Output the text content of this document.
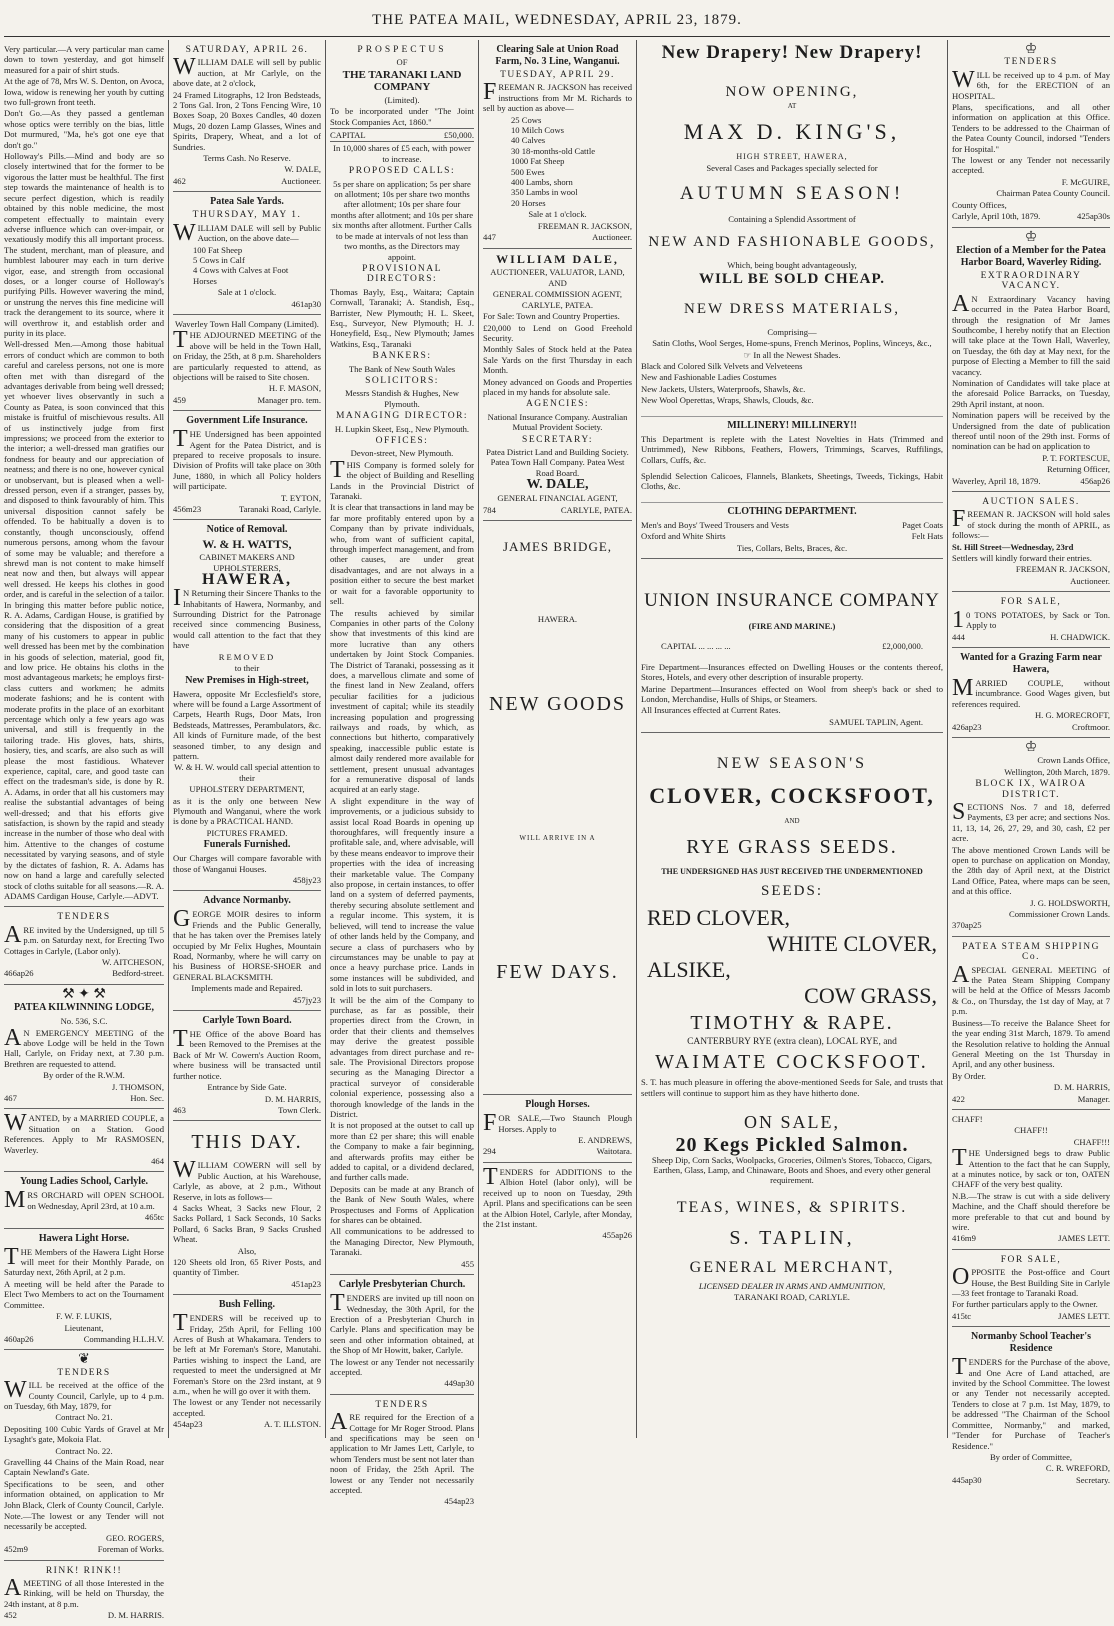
THE PATEA MAIL, WEDNESDAY, APRIL 23, 1879.

Very particular.—A very particular man came down to town yesterday, and got himself measured for a pair of shirt studs.

At the age of 78, Mrs W. S. Denton, on Avoca, Iowa, widow is renewing her youth by cutting two full-grown front teeth.

Don't Go.—As they passed a gentleman whose optics were terribly on the bias, little Dot murmured, "Ma, he's got one eye that don't go."

Holloway's Pills.—Mind and body are so closely intertwined that for the former to be vigorous the latter must be healthful. The first step towards the maintenance of health is to secure perfect digestion, which is readily obtained by this noble medicine, the most competent effectually to maintain every adverse influence which can over-impair, or vexatiously modify this all important process. The student, merchant, man of pleasure, and humblest labourer may each in turn derive vigor, ease, and strength from occasional doses, or a longer course of Holloway's purifying Pills. However wavering the mind, or unstrung the nerves this fine medicine will track the derangement to its source, where it will overthrow it, and establish order and purity in its place.

Well-dressed Men.—Among those habitual errors of conduct which are common to both careful and careless persons, not one is more often met with than disregard of the advantages derivable from being well dressed; yet whoever lives observantly in such a County as Patea, is soon convinced that this mistake is fruitful of mischievous results. All of us instinctively judge from first impressions; we proceed from the exterior to the interior; a well-dressed man gratifies our fondness for beauty and our appreciation of neatness; and there is no one, however cynical or unobservant, but is pleased when a well-dressed person, even if a stranger, passes by, and disposed to think favourably of him. This universal disposition cannot safely be offended. To be habitually a doven is to constantly, though unconsciously, offend numerous persons, among whom the favour of some may be valuable; and therefore a shrewd man is not content to make himself neat now and then, but always will appear well dressed. He keeps his clothes in good order, and is careful in the selection of a tailor. In bringing this matter before public notice, R. A. Adams, Cardigan House, is gratified by considering that the disposition of a great many of his customers to appear in public well dressed has been met by the combination in his goods of selection, material, good fit, and low price. He obtains his cloths in the most advantageous markets; he employs first-class cutters and workmen; he admits moderate fashions; and he is content with moderate profits in the place of an exorbitant percentage which only a few years ago was universal, and still is frequently in the tailoring trade. His gloves, hats, shirts, hosiery, ties, and scarfs, are also such as will please the most fastidious. Whatever experience, capital, care, and good taste can effect on the tradesman's side, is done by R. A. Adams, in order that all his customers may realise the substantial advantages of being well-dressed; and that his efforts give satisfaction, is shown by the rapid and steady increase in the number of those who deal with him. Attentive to the changes of costume necessitated by varying seasons, and of style by the dictates of fashion, R. A. Adams has now on hand a large and carefully selected stock of cloths suitable for all seasons.—R. A. ADAMS Cardigan House, Carlyle.—ADVT.

TENDERS

ARE invited by the Undersigned, up till 5 p.m. on Saturday next, for Erecting Two Cottages in Carlyle, (Labor only).

W. AITCHESON,

466ap26	Bedford-street.
⚒ ✦ ⚒
PATEA KILWINNING LODGE,

No. 536, S.C.

AN EMERGENCY MEETING of the above Lodge will be held in the Town Hall, Carlyle, on Friday next, at 7.30 p.m. Brethren are requested to attend.

By order of the R.W.M.

J. THOMSON,

467	Hon. Sec.

WANTED, by a MARRIED COUPLE, a Situation on a Station. Good References. Apply to Mr RASMOSEN, Waverley.

464

Young Ladies School, Carlyle.

MRS ORCHARD will OPEN SCHOOL on Wednesday, April 23rd, at 10 a.m.

465tc

Hawera Light Horse.

THE Members of the Hawera Light Horse will meet for their Monthly Parade, on Saturday next, 26th April, at 2 p.m.

A meeting will be held after the Parade to Elect Two Members to act on the Tournament Committee.

F. W. F. LUKIS,

Lieutenant,

460ap26	Commanding H.L.H.V.
❦
TENDERS

WILL be received at the office of the County Council, Carlyle, up to 4 p.m. on Tuesday, 6th May, 1879, for

Contract No. 21.

Depositing 100 Cubic Yards of Gravel at Mr Lysaght's gate, Mokoia Flat.

Contract No. 22.

Gravelling 44 Chains of the Main Road, near Captain Newland's Gate.

Specifications to be seen, and other information obtained, on application to Mr John Black, Clerk of County Council, Carlyle.

Note.—The lowest or any Tender will not necessarily be accepted.

GEO. ROGERS,

452m9	Foreman of Works.
RINK! RINK!!

AMEETING of all those Interested in the Rinking, will be held on Thursday, the 24th instant, at 8 p.m.

452	D. M. HARRIS.
SATURDAY, APRIL 26.

WILLIAM DALE will sell by public auction, at Mr Carlyle, on the above date, at 2 o'clock,

24 Framed Litographs, 12 Iron Bedsteads, 2 Tons Gal. Iron, 2 Tons Fencing Wire, 10 Boxes Soap, 20 Boxes Candles, 40 dozen Mugs, 20 dozen Lamp Glasses, Wines and Spirits, Drapery, Wheat, and a lot of Sundries.

Terms Cash. No Reserve.

W. DALE,

462	Auctioneer.
Patea Sale Yards.
THURSDAY, MAY 1.

WILLIAM DALE will sell by Public Auction, on the above date—

100 Fat Sheep

5 Cows in Calf

4 Cows with Calves at Foot

Horses

Sale at 1 o'clock.

461ap30

Waverley Town Hall Company (Limited).

THE ADJOURNED MEETING of the above will be held in the Town Hall, on Friday, the 25th, at 8 p.m. Shareholders are particularly requested to attend, as objections will be raised to Site chosen.

H. F. MASON,

459	Manager pro. tem.
Government Life Insurance.

THE Undersigned has been appointed Agent for the Patea District, and is prepared to receive proposals to insure. Division of Profits will take place on 30th June, 1880, in which all Policy holders will participate.

T. EYTON,

456m23	Taranaki Road, Carlyle.
Notice of Removal.
W. & H. WATTS,

CABINET MAKERS AND UPHOLSTERERS,

HAWERA,

IN Returning their Sincere Thanks to the Inhabitants of Hawera, Normanby, and Surrounding District for the Patronage received since commencing Business, would call attention to the fact that they have

REMOVED

to their

New Premises in High-street,

Hawera, opposite Mr Ecclesfield's store, where will be found a Large Assortment of Carpets, Hearth Rugs, Door Mats, Iron Bedsteads, Mattresses, Perambulators, &c. All kinds of Furniture made, of the best seasoned timber, to any design and pattern.

W. & H. W. would call special attention to their

UPHOLSTERY DEPARTMENT,

as it is the only one between New Plymouth and Wanganui, where the work is done by a PRACTICAL HAND.

PICTURES FRAMED.

Funerals Furnished.

Our Charges will compare favorable with those of Wanganui Houses.

458jy23

Advance Normanby.

GEORGE MOIR desires to inform Friends and the Public Generally, that he has taken over the Premises lately occupied by Mr Felix Hughes, Mountain Road, Normanby, where he will carry on his Business of HORSE-SHOER and GENERAL BLACKSMITH.

Implements made and Repaired.

457jy23

Carlyle Town Board.

THE Office of the above Board has been Removed to the Premises at the Back of Mr W. Cowern's Auction Room, where business will be transacted until further notice.

Entrance by Side Gate.

D. M. HARRIS,

463	Town Clerk.
THIS DAY.

WILLIAM COWERN will sell by Public Auction, at his Warehouse, Carlyle, as above, at 2 p.m., Without Reserve, in lots as follows—

4 Sacks Wheat, 3 Sacks new Flour, 2 Sacks Pollard, 1 Sack Seconds, 10 Sacks Pollard, 6 Sacks Bran, 9 Sacks Crushed Wheat.

Also,

120 Sheets old Iron, 65 River Posts, and quantity of Timber.

451ap23

Bush Felling.

TENDERS will be received up to Friday, 25th April, for Felling 100 Acres of Bush at Whakamara. Tenders to be left at Mr Foreman's Store, Manutahi. Parties wishing to inspect the Land, are requested to meet the undersigned at Mr Foreman's Store on the 23rd instant, at 9 a.m., when he will go over it with them.

The lowest or any Tender not necessarily accepted.

454ap23	A. T. ILLSTON.
PROSPECTUS

OF

THE TARANAKI LAND COMPANY

(Limited).

To be incorporated under "The Joint Stock Companies Act, 1860."

CAPITAL	£50,000.

In 10,000 shares of £5 each, with power to increase.

PROPOSED CALLS:

5s per share on application; 5s per share on allotment; 10s per share two months after allotment; 10s per share four months after allotment; and 10s per share six months after allotment. Further Calls to be made at intervals of not less than two months, as the Directors may appoint.

PROVISIONAL DIRECTORS:

Thomas Bayly, Esq., Waitara; Captain Cornwall, Taranaki; A. Standish, Esq., Barrister, New Plymouth; H. L. Skeet, Esq., Surveyor, New Plymouth; H. J. Honeyfield, Esq., New Plymouth; James Watkins, Esq., Taranaki

BANKERS:

The Bank of New South Wales

SOLICITORS:

Messrs Standish & Hughes, New Plymouth.

MANAGING DIRECTOR:

H. Lupkin Skeet, Esq., New Plymouth.

OFFICES:

Devon-street, New Plymouth.

THIS Company is formed solely for the object of Building and Reselling Lands in the Provincial District of Taranaki.

It is clear that transactions in land may be far more profitably entered upon by a Company than by private individuals, who, from want of sufficient capital, through imperfect management, and from other causes, are under great disadvantages, and are not always in a position either to secure the best market or wait for a favorable opportunity to sell.

The results achieved by similar Companies in other parts of the Colony show that investments of this kind are more lucrative than any others undertaken by Joint Stock Companies. The District of Taranaki, possessing as it does, a marvellous climate and some of the finest land in New Zealand, offers peculiar facilities for a judicious investment of capital; while its steadily increasing population and progressing railways and roads, by which, as connections but hitherto, comparatively speaking, inaccessible public estate is almost daily rendered more available for settlement, present unusual advantages for a remunerative disposal of lands acquired at an early stage.

A slight expenditure in the way of improvements, or a judicious subsidy to assist local Road Boards in opening up thoroughfares, will frequently insure a profitable sale, and, where advisable, will by these means endeavor to improve their properties with the idea of increasing their marketable value. The Company also propose, in certain instances, to offer land on a system of deferred payments, thereby securing absolute settlement and a regular income. This system, it is believed, will tend to increase the value of other lands held by the Company, and secure a class of purchasers who by circumstances may be unable to pay at once a heavy purchase price. Lands in some instances will be subdivided, and sold in lots to suit purchasers.

It will be the aim of the Company to purchase, as far as possible, their properties direct from the Crown, in order that their clients and themselves may derive the greatest possible advantages from direct purchase and re-sale. The Provisional Directors propose securing as the Managing Director a practical surveyor of considerable colonial experience, possessing also a thorough knowledge of the lands in the District.

It is not proposed at the outset to call up more than £2 per share; this will enable the Company to make a fair beginning, and afterwards profits may either be added to capital, or a dividend declared, and further calls made.

Deposits can be made at any Branch of the Bank of New South Wales, where Prospectuses and Forms of Application for shares can be obtained.

All communications to be addressed to the Managing Director, New Plymouth, Taranaki.

455

Carlyle Presbyterian Church.

TENDERS are invited up till noon on Wednesday, the 30th April, for the Erection of a Presbyterian Church in Carlyle. Plans and specification may be seen and other information obtained, at the Shop of Mr Howitt, baker, Carlyle.

The lowest or any Tender not necessarily accepted.

449ap30

TENDERS

ARE required for the Erection of a Cottage for Mr Roger Strood. Plans and specifications may be seen on application to Mr James Lett, Carlyle, to whom Tenders must be sent not later than noon of Friday, the 25th April. The lowest or any Tender not necessarily accepted.

454ap23

Clearing Sale at Union Road Farm, No. 3 Line, Wanganui.
TUESDAY, APRIL 29.

FREEMAN R. JACKSON has received instructions from Mr M. Richards to sell by auction as above—

25 Cows

10 Milch Cows

40 Calves

30 18-months-old Cattle

1000 Fat Sheep

500 Ewes

400 Lambs, shorn

350 Lambs in wool

20 Horses

Sale at 1 o'clock.

FREEMAN R. JACKSON,

447	Auctioneer.
WILLIAM DALE,

AUCTIONEER, VALUATOR, LAND,

AND

GENERAL COMMISSION AGENT, CARLYLE, PATEA.

For Sale: Town and Country Properties.

£20,000 to Lend on Good Freehold Security.

Monthly Sales of Stock held at the Patea Sale Yards on the first Thursday in each Month.

Money advanced on Goods and Properties placed in my hands for absolute sale.

AGENCIES:

National Insurance Company. Australian Mutual Provident Society.

SECRETARY:

Patea District Land and Building Society. Patea Town Hall Company. Patea West Road Board.

W. DALE,

GENERAL FINANCIAL AGENT,

784	CARLYLE, PATEA.
JAMES BRIDGE,

HAWERA.

NEW GOODS

WILL ARRIVE IN A

FEW DAYS.
Plough Horses.

FOR SALE,—Two Staunch Plough Horses. Apply to

E. ANDREWS,

294	Waitotara.

TENDERS for ADDITIONS to the Albion Hotel (labor only), will be received up to noon on Tuesday, 29th April. Plans and specifications can be seen at the Albion Hotel, Carlyle, after Monday, the 21st instant.

455ap26

New Drapery! New Drapery!
NOW OPENING,

AT

MAX D. KING'S,

HIGH STREET, HAWERA,

Several Cases and Packages specially selected for

AUTUMN SEASON!

Containing a Splendid Assortment of

NEW AND FASHIONABLE GOODS,

Which, being bought advantageously,

WILL BE SOLD CHEAP.
NEW DRESS MATERIALS,

Comprising—

Satin Cloths, Wool Serges, Home-spuns, French Merinos, Poplins, Winceys, &c.,

☞ In all the Newest Shades.

Black and Colored Silk Velvets and Velveteens

New and Fashionable Ladies Costumes

New Jackets, Ulsters, Waterproofs, Shawls, &c.

New Wool Operettas, Wraps, Shawls, Clouds, &c.

MILLINERY! MILLINERY!!

This Department is replete with the Latest Novelties in Hats (Trimmed and Untrimmed), New Ribbons, Feathers, Flowers, Trimmings, Scarves, Ruffilings, Collars, Cuffs, &c.

Splendid Selection Calicoes, Flannels, Blankets, Sheetings, Tweeds, Tickings, Habit Cloths, &c.

CLOTHING DEPARTMENT.
Men's and Boys' Tweed Trousers and Vests	Paget Coats
Oxford and White Shirts	Felt Hats

Ties, Collars, Belts, Braces, &c.

UNION INSURANCE COMPANY

(FIRE AND MARINE.)

CAPITAL ... ... ... ...	£2,000,000.

Fire Department—Insurances effected on Dwelling Houses or the contents thereof, Stores, Hotels, and every other description of insurable property.

Marine Department—Insurances effected on Wool from sheep's back or shed to London, Merchandise, Hulls of Ships, or Steamers.

All Insurances effected at Current Rates.

SAMUEL TAPLIN, Agent.

NEW SEASON'S
CLOVER, COCKSFOOT,

AND

RYE GRASS SEEDS.

THE UNDERSIGNED HAS JUST RECEIVED THE UNDERMENTIONED

SEEDS:
RED CLOVER,
WHITE CLOVER,
ALSIKE,
COW GRASS,
TIMOTHY & RAPE.

CANTERBURY RYE (extra clean), LOCAL RYE, and

WAIMATE COCKSFOOT.

S. T. has much pleasure in offering the above-mentioned Seeds for Sale, and trusts that settlers will continue to support him as they have hitherto done.

ON SALE,
20 Kegs Pickled Salmon.

Sheep Dip, Corn Sacks, Woolpacks, Groceries, Oilmen's Stores, Tobacco, Cigars, Earthen, Glass, Lamp, and Chinaware, Boots and Shoes, and every other general requirement.

TEAS, WINES, & SPIRITS.
S. TAPLIN,
GENERAL MERCHANT,

LICENSED DEALER IN ARMS AND AMMUNITION,

TARANAKI ROAD, CARLYLE.

♔
TENDERS

WILL be received up to 4 p.m. of May 6th, for the ERECTION of an HOSPITAL.

Plans, specifications, and all other information on application at this Office. Tenders to be addressed to the Chairman of the Patea County Council, indorsed "Tenders for Hospital."

The lowest or any Tender not necessarily accepted.

F. McGUIRE,

Chairman Patea County Council.

County Offices,

Carlyle, April 10th, 1879.	425ap30s
♔
Election of a Member for the Patea Harbor Board, Waverley Riding.
EXTRAORDINARY VACANCY.

AN Extraordinary Vacancy having occurred in the Patea Harbor Board, through the resignation of Mr James Southcombe, I hereby notify that an Election will take place at the Town Hall, Waverley, on Tuesday, the 6th day at May next, for the purpose of Electing a Member to fill the said vacancy.

Nomination of Candidates will take place at the aforesaid Police Barracks, on Tuesday, 29th April instant, at noon.

Nomination papers will be received by the Undersigned from the date of publication thereof until noon of the 29th inst. Forms of nomination can be had on application to

P. T. FORTESCUE,

Returning Officer,

Waverley, April 18, 1879.	456ap26
AUCTION SALES.

FREEMAN R. JACKSON will hold sales of stock during the month of APRIL, as follows:—

St. Hill Street—Wednesday, 23rd

Settlers will kindly forward their entries.

FREEMAN R. JACKSON,

Auctioneer.

FOR SALE,

10 TONS POTATOES, by Sack or Ton. Apply to

444	H. CHADWICK.
Wanted for a Grazing Farm near Hawera,

MARRIED COUPLE, without incumbrance. Good Wages given, but references required.

H. G. MORECROFT,

426ap23	Croftmoor.
♔

Crown Lands Office,

Wellington, 20th March, 1879.

BLOCK IX, WAIROA DISTRICT.

SECTIONS Nos. 7 and 18, deferred Payments, £3 per acre; and sections Nos. 11, 13, 14, 26, 27, 29, and 30, cash, £2 per acre.

The above mentioned Crown Lands will be open to purchase on application on Monday, the 28th day of April next, at the District Land Office, Patea, where maps can be seen, and at this office.

J. G. HOLDSWORTH,

Commissioner Crown Lands.

370ap25

PATEA STEAM SHIPPING Co.

ASPECIAL GENERAL MEETING of the Patea Steam Shipping Company will be held at the Office of Messrs Jacomb & Co., on Thursday, the 1st day of May, at 7 p.m.

Business—To receive the Balance Sheet for the year ending 31st March, 1879. To amend the Resolution relative to holding the Annual General Meeting on the 1st Thursday in April, and any other business.

By Order.

D. M. HARRIS,

422	Manager.

CHAFF!

CHAFF!!

CHAFF!!!

THE Undersigned begs to draw Public Attention to the fact that he can Supply, at a minutes notice, by sack or ton, OATEN CHAFF of the very best quality.

N.B.—The straw is cut with a side delivery Machine, and the Chaff should therefore be more preferable to that cut and bound by wire.

416m9	JAMES LETT.
FOR SALE,

OPPOSITE the Post-office and Court House, the Best Building Site in Carlyle—33 feet frontage to Taranaki Road.

For further particulars apply to the Owner.

415tc	JAMES LETT.
Normanby School Teacher's Residence

TENDERS for the Purchase of the above, and One Acre of Land attached, are invited by the School Committee. The lowest or any Tender not necessarily accepted. Tenders to close at 7 p.m. 1st May, 1879, to be addressed "The Chairman of the School Committee, Normanby," and marked, "Tender for Purchase of Teacher's Residence."

By order of Committee,

C. R. WREFORD,

445ap30	Secretary.
